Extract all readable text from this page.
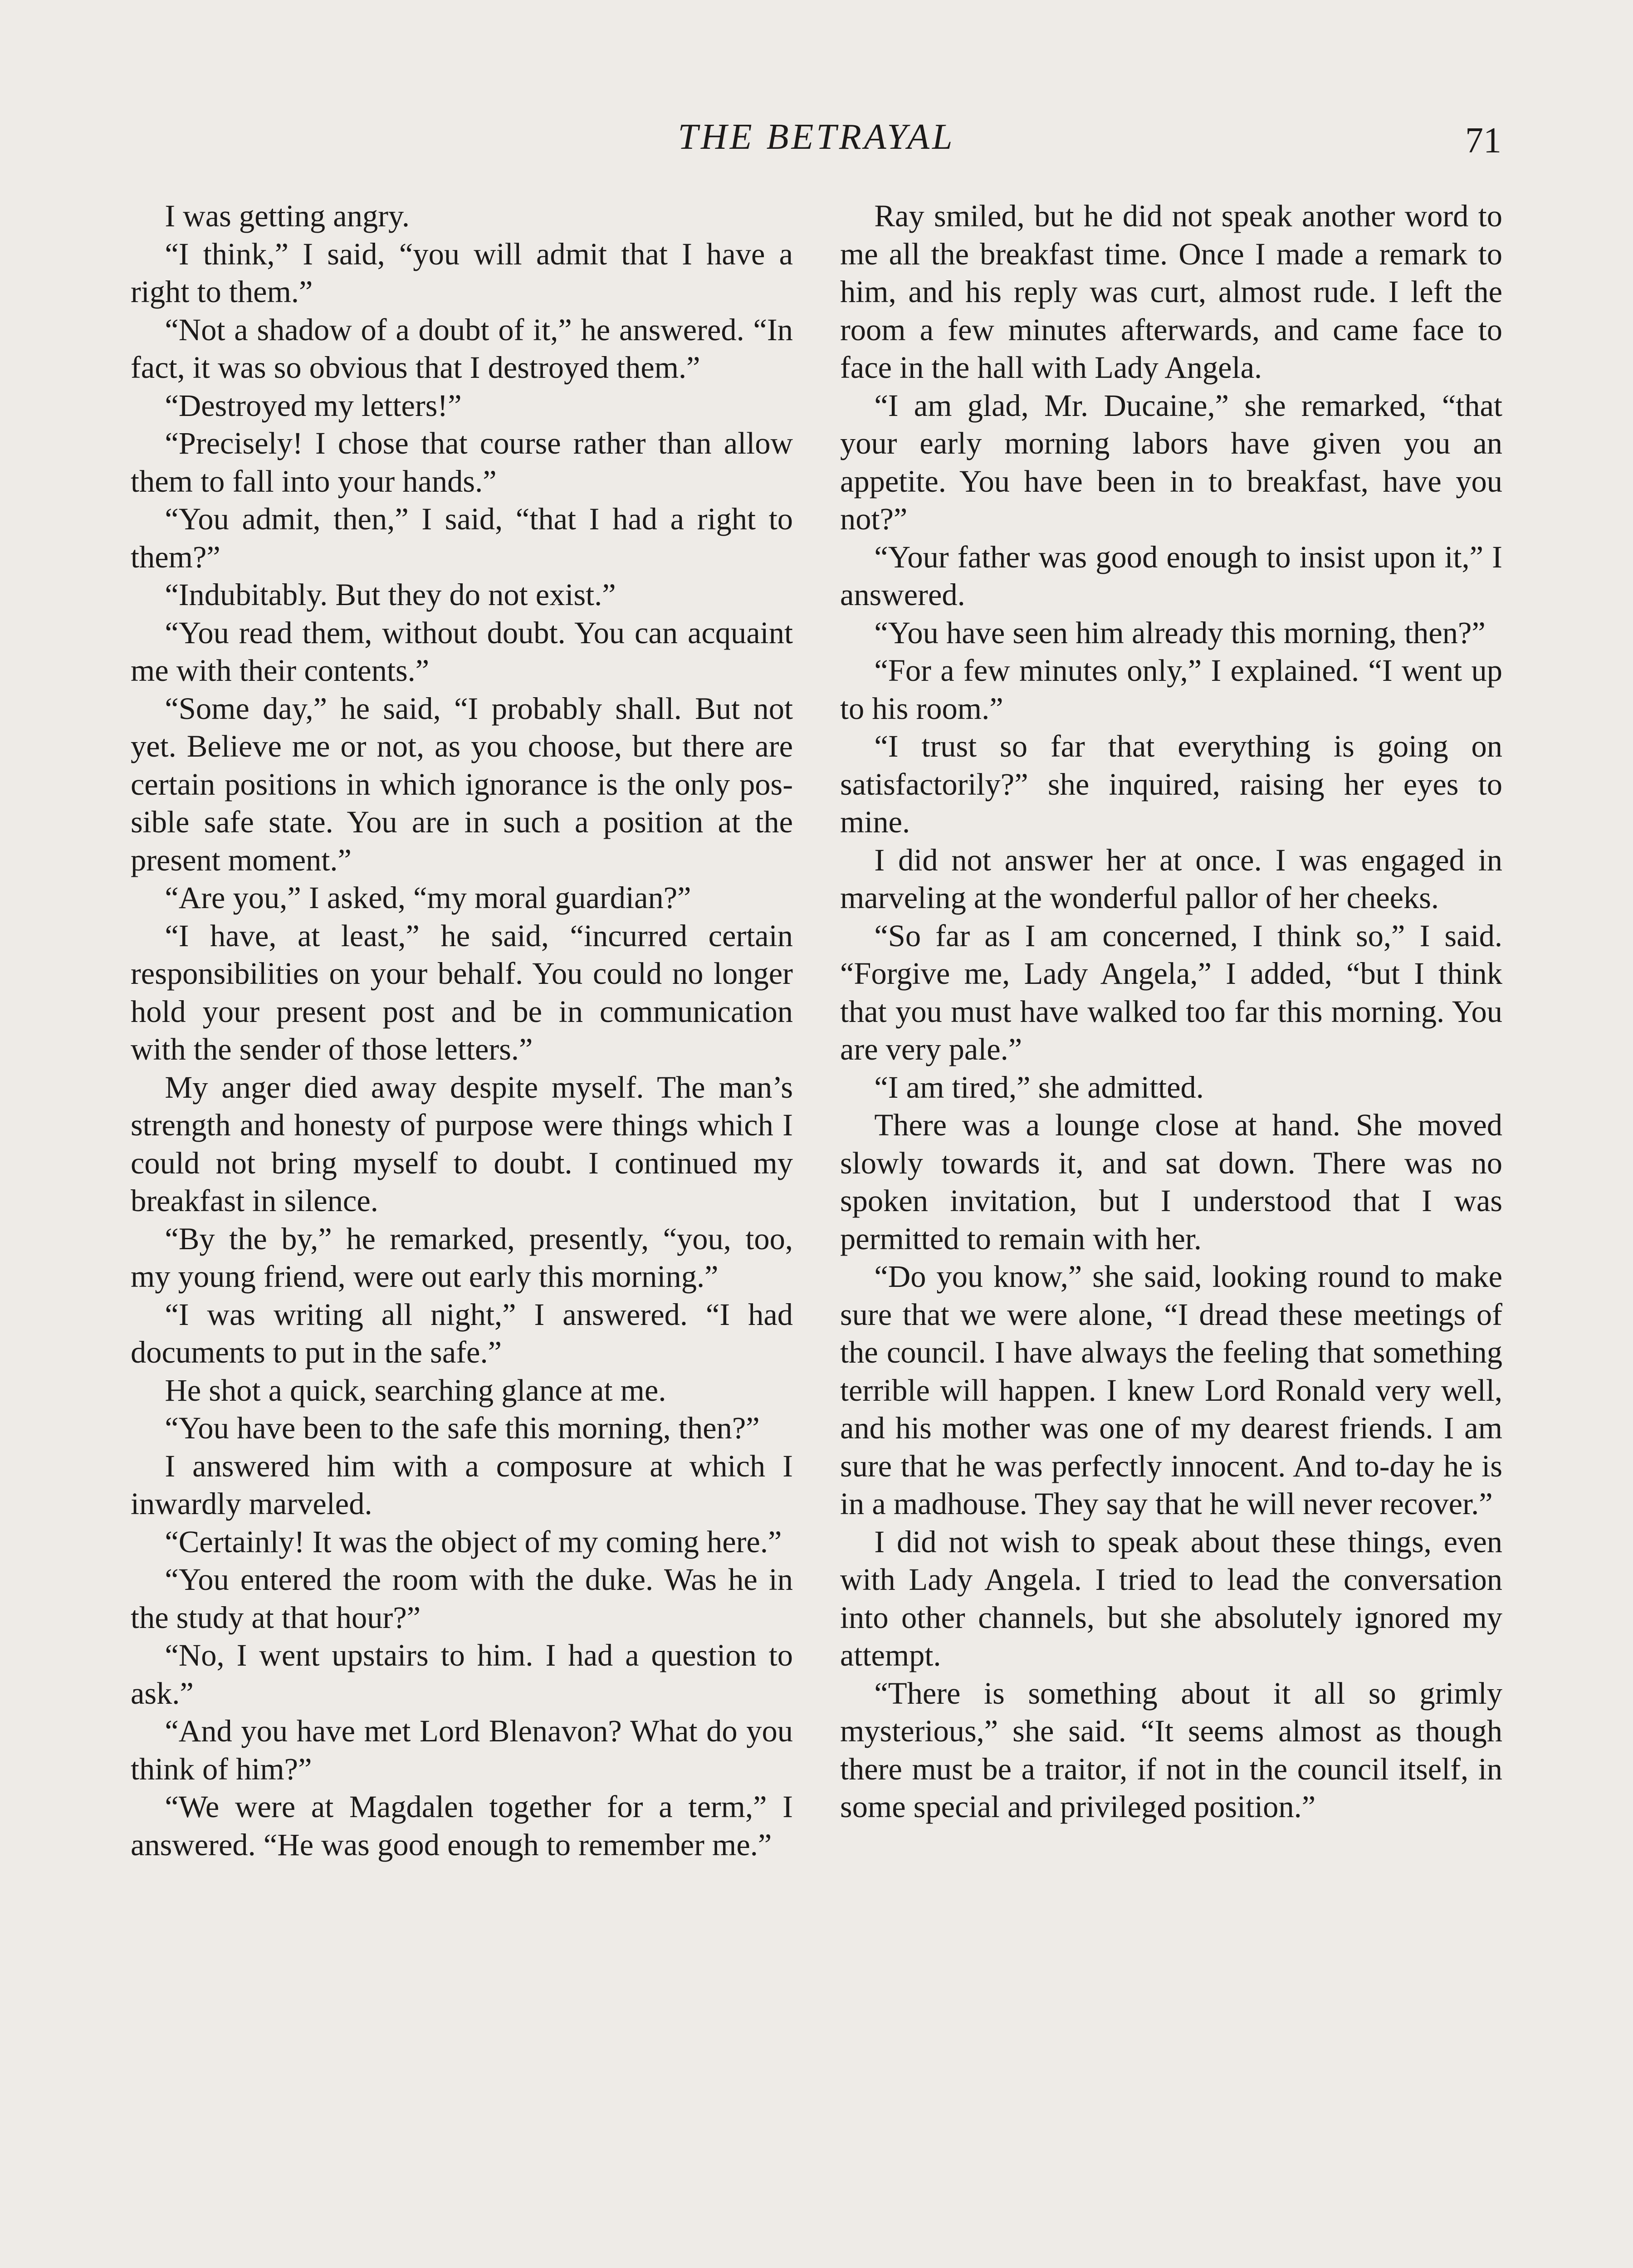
THE BETRAYAL	71

I was getting angry.

“I think,” I said, “you will admit that I have a right to them.”

“Not a shadow of a doubt of it,” he answered. “In fact, it was so obvious that I destroyed them.”

“Destroyed my letters!”

“Precisely! I chose that course rather than allow them to fall into your hands.”

“You admit, then,” I said, “that I had a right to them?”

“Indubitably. But they do not exist.”

“You read them, without doubt. You can acquaint me with their contents.”

“Some day,” he said, “I probably shall. But not yet. Believe me or not, as you choose, but there are certain positions in which ignorance is the only possible safe state. You are in such a position at the present moment.”

“Are you,” I asked, “my moral guardian?”

“I have, at least,” he said, “incurred certain responsibilities on your behalf. You could no longer hold your present post and be in communication with the sender of those letters.”

My anger died away despite myself. The man’s strength and honesty of purpose were things which I could not bring myself to doubt. I continued my breakfast in silence.

“By the by,” he remarked, presently, “you, too, my young friend, were out early this morning.”

“I was writing all night,” I answered. “I had documents to put in the safe.”

He shot a quick, searching glance at me.

“You have been to the safe this morning, then?”

I answered him with a composure at which I inwardly marveled.

“Certainly! It was the object of my coming here.”

“You entered the room with the duke. Was he in the study at that hour?”

“No, I went upstairs to him. I had a question to ask.”

“And you have met Lord Blenavon? What do you think of him?”

“We were at Magdalen together for a term,” I answered. “He was good enough to remember me.”

Ray smiled, but he did not speak another word to me all the breakfast time. Once I made a remark to him, and his reply was curt, almost rude. I left the room a few minutes afterwards, and came face to face in the hall with Lady Angela.

“I am glad, Mr. Ducaine,” she remarked, “that your early morning labors have given you an appetite. You have been in to breakfast, have you not?”

“Your father was good enough to insist upon it,” I answered.

“You have seen him already this morning, then?”

“For a few minutes only,” I explained. “I went up to his room.”

“I trust so far that everything is going on satisfactorily?” she inquired, raising her eyes to mine.

I did not answer her at once. I was engaged in marveling at the wonderful pallor of her cheeks.

“So far as I am concerned, I think so,” I said. “Forgive me, Lady Angela,” I added, “but I think that you must have walked too far this morning. You are very pale.”

“I am tired,” she admitted.

There was a lounge close at hand. She moved slowly towards it, and sat down. There was no spoken invitation, but I understood that I was permitted to remain with her.

“Do you know,” she said, looking round to make sure that we were alone, “I dread these meetings of the council. I have always the feeling that something terrible will happen. I knew Lord Ronald very well, and his mother was one of my dearest friends. I am sure that he was perfectly innocent. And to-day he is in a madhouse. They say that he will never recover.”

I did not wish to speak about these things, even with Lady Angela. I tried to lead the conversation into other channels, but she absolutely ignored my attempt.

“There is something about it all so grimly mysterious,” she said. “It seems almost as though there must be a traitor, if not in the council itself, in some special and privileged position.”
